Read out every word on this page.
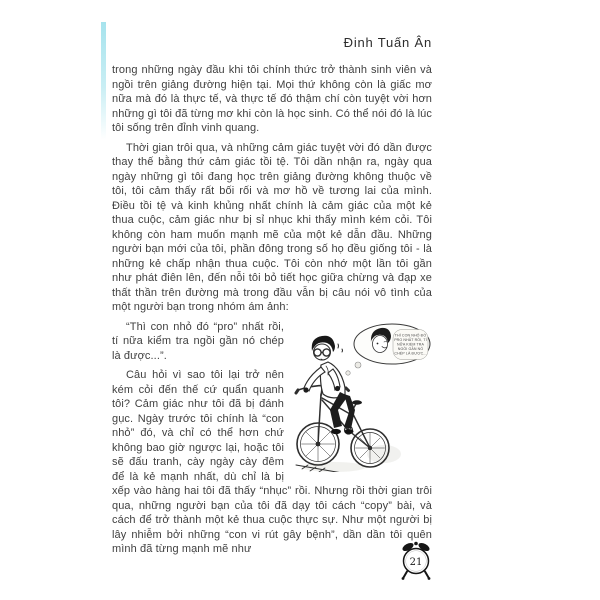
Đinh Tuấn Ân

trong những ngày đầu khi tôi chính thức trở thành sinh viên và ngồi trên giảng đường hiện tại. Mọi thứ không còn là giấc mơ nữa mà đó là thực tế, và thực tế đó thậm chí còn tuyệt vời hơn những gì tôi đã từng mơ khi còn là học sinh. Có thể nói đó là lúc tôi sống trên đỉnh vinh quang.

Thời gian trôi qua, và những cảm giác tuyệt vời đó dần được thay thế bằng thứ cảm giác tồi tệ. Tôi dần nhận ra, ngày qua ngày những gì tôi đang học trên giảng đường không thuộc về tôi, tôi cảm thấy rất bối rối và mơ hồ về tương lai của mình. Điều tồi tệ và kinh khủng nhất chính là cảm giác của một kẻ thua cuộc, cảm giác như bị sỉ nhục khi thấy mình kém cỏi. Tôi không còn ham muốn mạnh mẽ của một kẻ dẫn đầu. Những người bạn mới của tôi, phần đông trong số họ đều giống tôi - là những kẻ chấp nhận thua cuộc. Tôi còn nhớ một lần tôi gần như phát điên lên, đến nỗi tôi bỏ tiết học giữa chừng và đạp xe thất thần trên đường mà trong đầu vẫn bị câu nói vô tình của một người bạn trong nhóm ám ảnh:

THÌ CON NHỎ ĐÓ
PRO NHẤT RỒI, TÍ
NỮA KIỂM TRA
NGỒI GẦN NÓ
CHÉP LÀ ĐƯỢC...

“Thì con nhỏ đó “pro” nhất rồi, tí nữa kiểm tra ngồi gần nó chép là được...”.

Câu hỏi vì sao tôi lại trở nên kém cỏi đến thế cứ quẩn quanh tôi? Cảm giác như tôi đã bị đánh gục. Ngày trước tôi chính là “con nhỏ” đó, và chỉ có thể hơn chứ không bao giờ ngược lại, hoặc tôi sẽ đấu tranh, cày ngày cày đêm để là kẻ mạnh nhất, dù chỉ là bị xếp vào hàng hai tôi đã thấy “nhục” rồi. Nhưng rồi thời gian trôi qua, những người bạn của tôi đã dạy tôi cách “copy” bài, và cách để trở thành một kẻ thua cuộc thực sự. Như một người bị lây nhiễm bởi những “con vi rút gây bệnh”, dần dần tôi quên mình đã từng mạnh mẽ như

21
